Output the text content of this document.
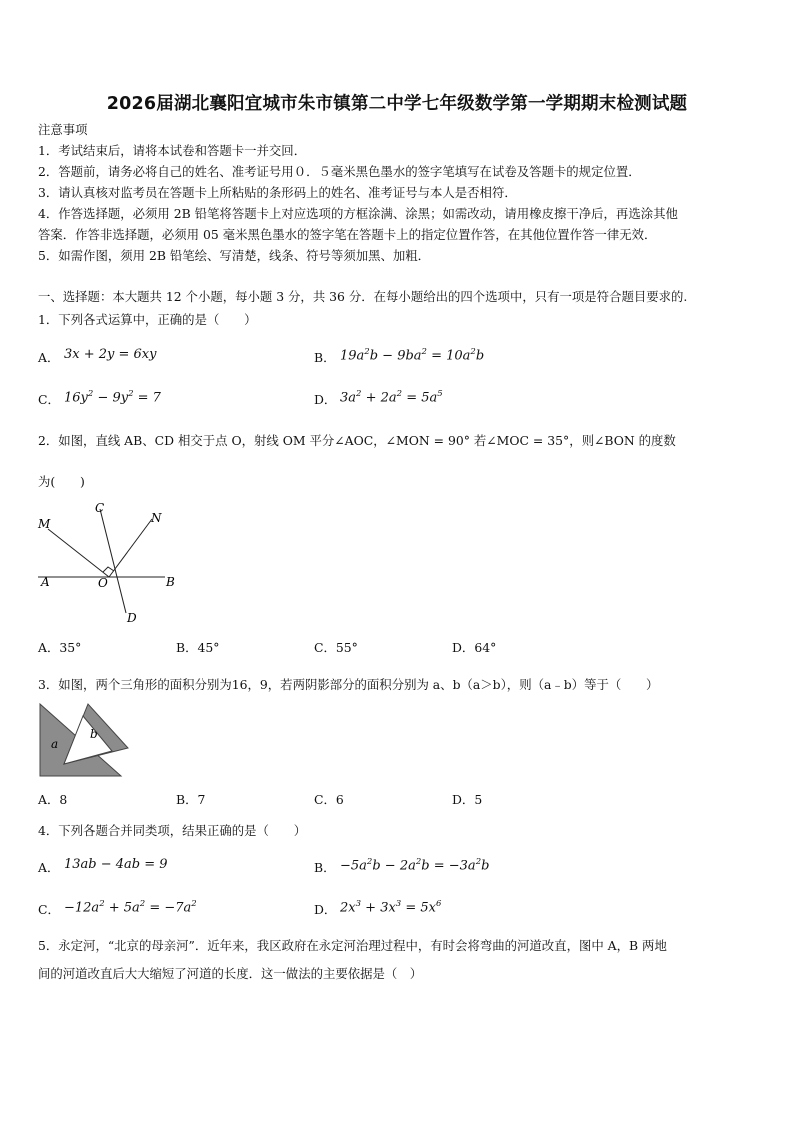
2026届湖北襄阳宜城市朱市镇第二中学七年级数学第一学期期末检测试题
注意事项
1．考试结束后，请将本试卷和答题卡一并交回．
2．答题前，请务必将自己的姓名、准考证号用０．５毫米黑色墨水的签字笔填写在试卷及答题卡的规定位置．
3．请认真核对监考员在答题卡上所粘贴的条形码上的姓名、准考证号与本人是否相符．
4．作答选择题，必须用 2B 铅笔将答题卡上对应选项的方框涂满、涂黑；如需改动，请用橡皮擦干净后，再选涂其他
答案．作答非选择题，必须用 05 毫米黑色墨水的签字笔在答题卡上的指定位置作答，在其他位置作答一律无效．
5．如需作图，须用 2B 铅笔绘、写清楚，线条、符号等须加黑、加粗．
一、选择题：本大题共 12 个小题，每小题 3 分，共 36 分．在每小题给出的四个选项中，只有一项是符合题目要求的.
1．下列各式运算中，正确的是（　　）
A． 3x + 2y = 6xy	B． $19a^2b - 9ba^2 = 10a^2b$
C． $16y^2 - 9y^2 = 7$	D． $3a^2 + 2a^2 = 5a^5$
2．如图，直线 AB、CD 相交于点 O，射线 OM 平分∠AOC，∠MON = 90° 若∠MOC = 35°，则∠BON 的度数
为(　　)
M
C
N
A	O	B
D
A．35°	B．45°	C．55°	D．64°
3．如图，两个三角形的面积分别为16，9，若两阴影部分的面积分别为 a、b（a＞b），则（a﹣b）等于（　　）
a
b
A．8	B．7	C．6	D．5
4．下列各题合并同类项，结果正确的是（　　）
A． 13ab − 4ab = 9	B． $-5a^2b - 2a^2b = -3a^2b$
C． $-12a^2 + 5a^2 = -7a^2$	D． $2x^3 + 3x^3 = 5x^6$
5．永定河，“北京的母亲河”．近年来，我区政府在永定河治理过程中，有时会将弯曲的河道改直，图中 A，B 两地
间的河道改直后大大缩短了河道的长度．这一做法的主要依据是（　）
